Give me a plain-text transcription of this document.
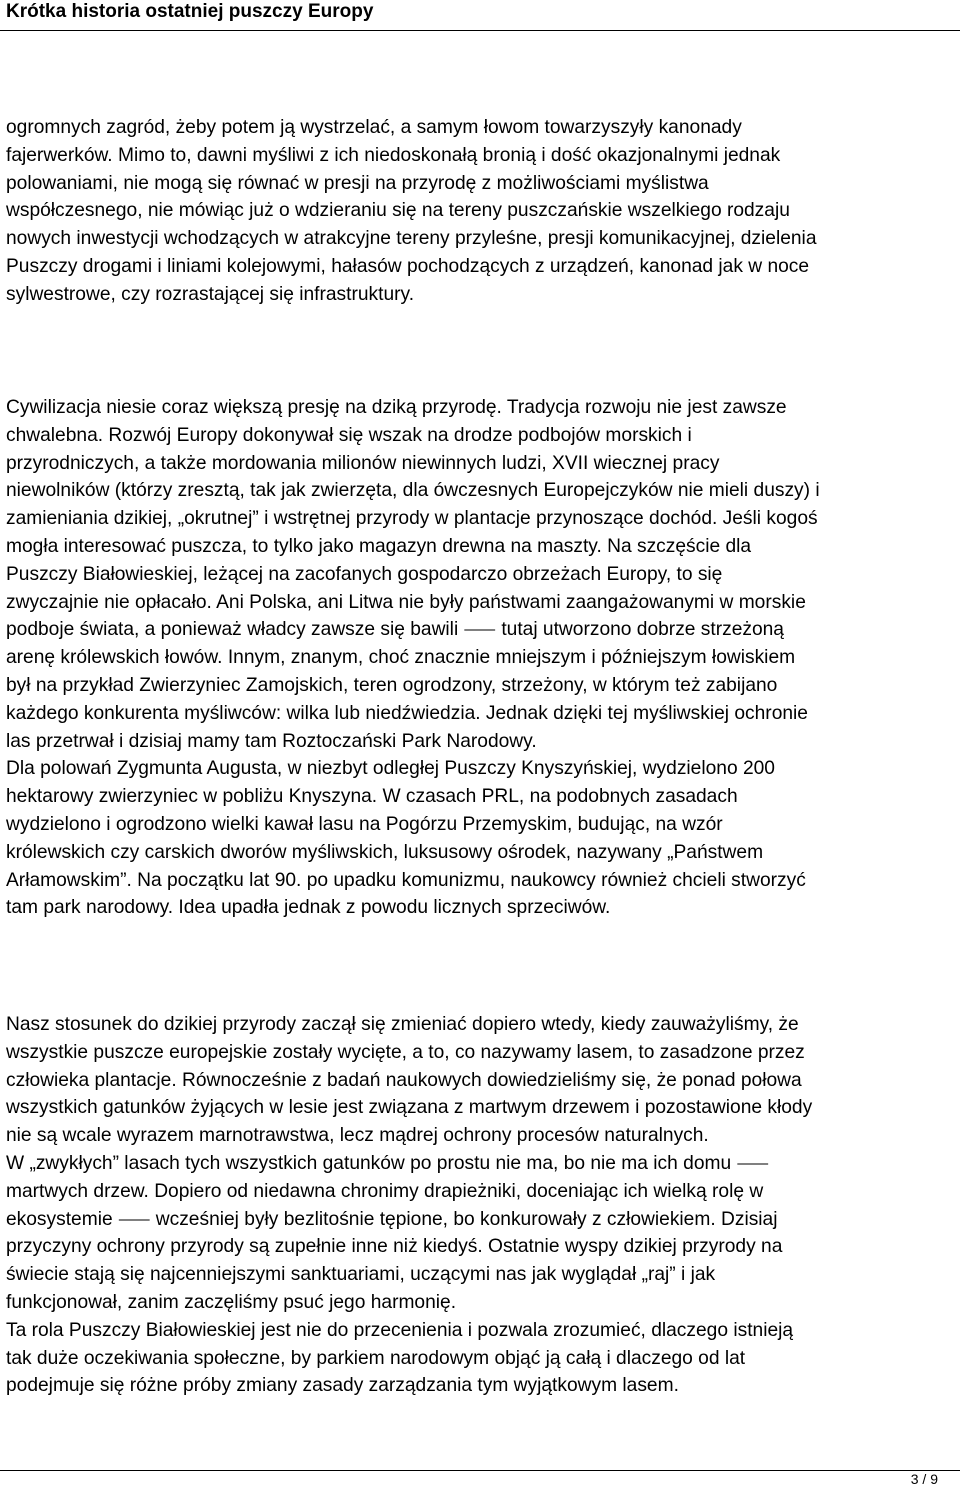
Krótka historia ostatniej puszczy Europy

ogromnych zagród, żeby potem ją wystrzelać, a samym łowom towarzyszyły kanonady
fajerwerków. Mimo to, dawni myśliwi z ich niedoskonałą bronią i dość okazjonalnymi jednak
polowaniami, nie mogą się równać w presji na przyrodę z możliwościami myślistwa
współczesnego, nie mówiąc już o wdzieraniu się na tereny puszczańskie wszelkiego rodzaju
nowych inwestycji wchodzących w atrakcyjne tereny przyleśne, presji komunikacyjnej, dzielenia
Puszczy drogami i liniami kolejowymi, hałasów pochodzących z urządzeń, kanonad jak w noce
sylwestrowe, czy rozrastającej się infrastruktury.

Cywilizacja niesie coraz większą presję na dziką przyrodę. Tradycja rozwoju nie jest zawsze
chwalebna. Rozwój Europy dokonywał się wszak na drodze podbojów morskich i
przyrodniczych, a także mordowania milionów niewinnych ludzi, XVII wiecznej pracy
niewolników (którzy zresztą, tak jak zwierzęta, dla ówczesnych Europejczyków nie mieli duszy) i
zamieniania dzikiej, „okrutnej” i wstrętnej przyrody w plantacje przynoszące dochód. Jeśli kogoś
mogła interesować puszcza, to tylko jako magazyn drewna na maszty. Na szczęście dla
Puszczy Białowieskiej, leżącej na zacofanych gospodarczo obrzeżach Europy, to się
zwyczajnie nie opłacało. Ani Polska, ani Litwa nie były państwami zaangażowanymi w morskie
podboje świata, a ponieważ władcy zawsze się bawili ⸺ tutaj utworzono dobrze strzeżoną
arenę królewskich łowów. Innym, znanym, choć znacznie mniejszym i późniejszym łowiskiem
był na przykład Zwierzyniec Zamojskich, teren ogrodzony, strzeżony, w którym też zabijano
każdego konkurenta myśliwców: wilka lub niedźwiedzia. Jednak dzięki tej myśliwskiej ochronie
las przetrwał i dzisiaj mamy tam Roztoczański Park Narodowy.
Dla polowań Zygmunta Augusta, w niezbyt odległej Puszczy Knyszyńskiej, wydzielono 200
hektarowy zwierzyniec w pobliżu Knyszyna. W czasach PRL, na podobnych zasadach
wydzielono i ogrodzono wielki kawał lasu na Pogórzu Przemyskim, budując, na wzór
królewskich czy carskich dworów myśliwskich, luksusowy ośrodek, nazywany „Państwem
Arłamowskim”. Na początku lat 90. po upadku komunizmu, naukowcy również chcieli stworzyć
tam park narodowy. Idea upadła jednak z powodu licznych sprzeciwów.

Nasz stosunek do dzikiej przyrody zaczął się zmieniać dopiero wtedy, kiedy zauważyliśmy, że
wszystkie puszcze europejskie zostały wycięte, a to, co nazywamy lasem, to zasadzone przez
człowieka plantacje. Równocześnie z badań naukowych dowiedzieliśmy się, że ponad połowa
wszystkich gatunków żyjących w lesie jest związana z martwym drzewem i pozostawione kłody
nie są wcale wyrazem marnotrawstwa, lecz mądrej ochrony procesów naturalnych.
W „zwykłych” lasach tych wszystkich gatunków po prostu nie ma, bo nie ma ich domu ⸺
martwych drzew. Dopiero od niedawna chronimy drapieżniki, doceniając ich wielką rolę w
ekosystemie ⸺ wcześniej były bezlitośnie tępione, bo konkurowały z człowiekiem. Dzisiaj
przyczyny ochrony przyrody są zupełnie inne niż kiedyś. Ostatnie wyspy dzikiej przyrody na
świecie stają się najcenniejszymi sanktuariami, uczącymi nas jak wyglądał „raj” i jak
funkcjonował, zanim zaczęliśmy psuć jego harmonię.
Ta rola Puszczy Białowieskiej jest nie do przecenienia i pozwala zrozumieć, dlaczego istnieją
tak duże oczekiwania społeczne, by parkiem narodowym objąć ją całą i dlaczego od lat
podejmuje się różne próby zmiany zasady zarządzania tym wyjątkowym lasem.

3 / 9
